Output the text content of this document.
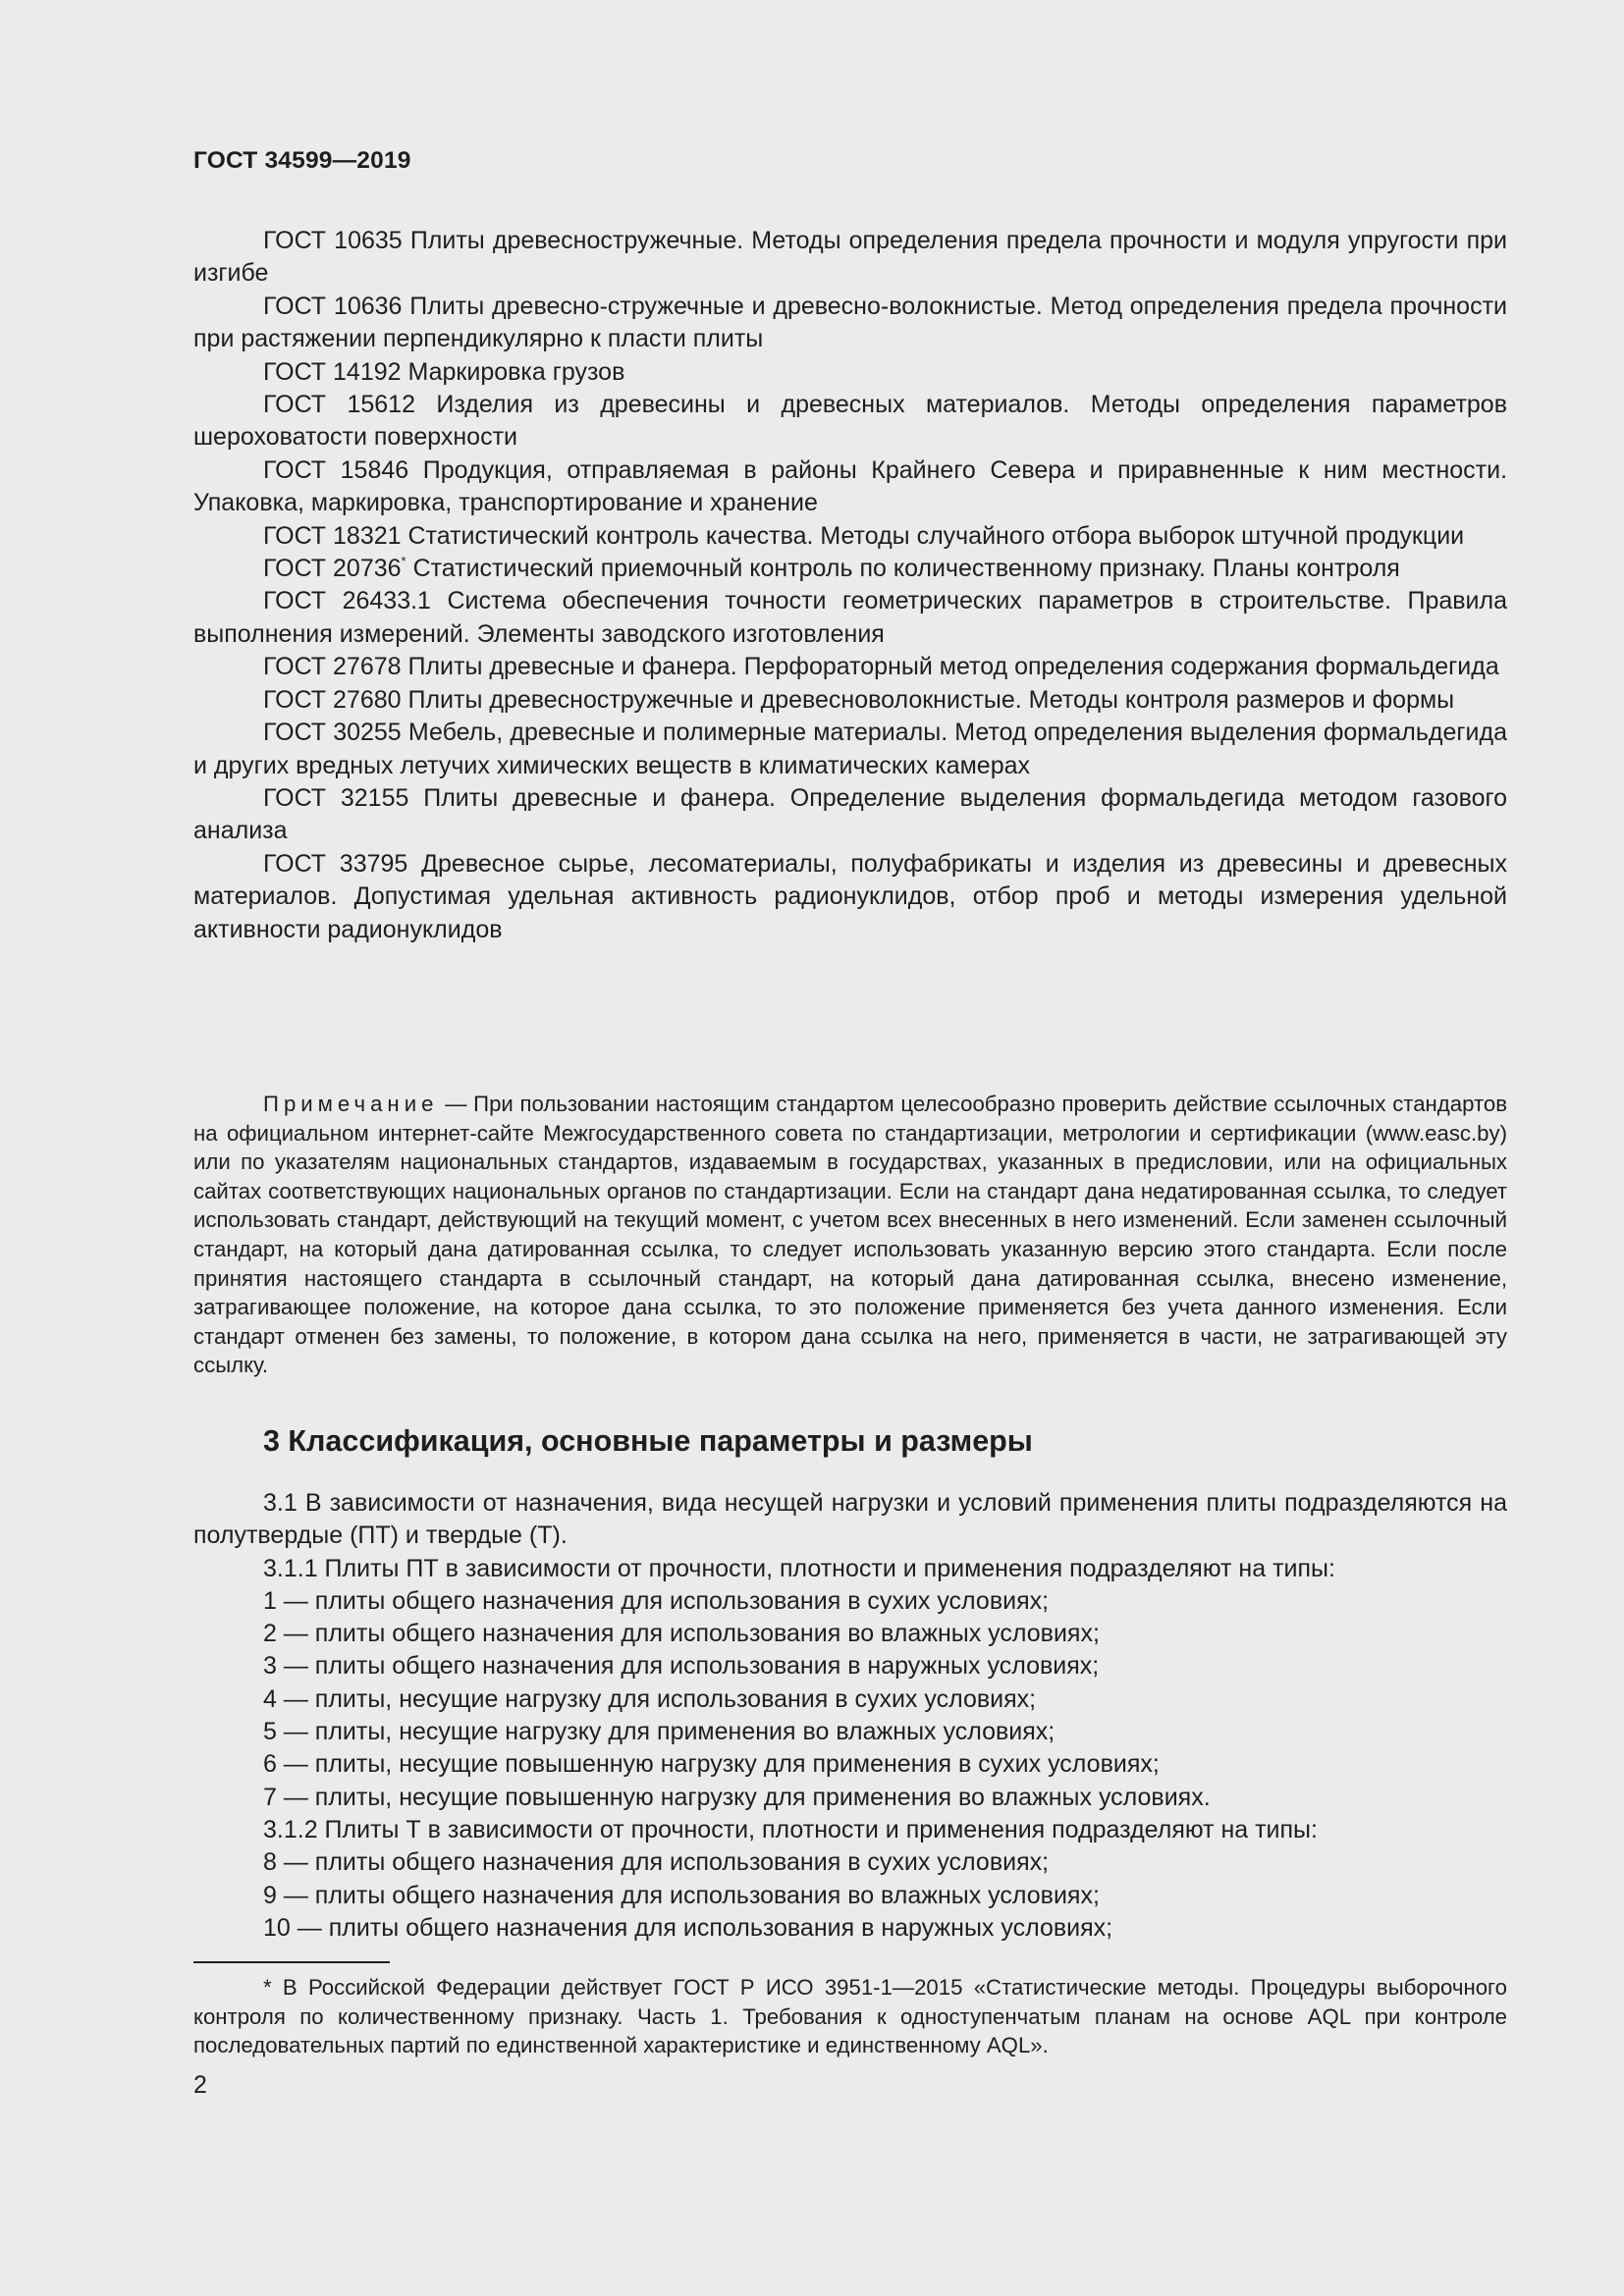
ГОСТ 34599—2019

ГОСТ 10635 Плиты древесностружечные. Методы определения предела прочности и модуля упругости при изгибе

ГОСТ 10636 Плиты древесно-стружечные и древесно-волокнистые. Метод определения предела прочности при растяжении перпендикулярно к пласти плиты

ГОСТ 14192 Маркировка грузов

ГОСТ 15612 Изделия из древесины и древесных материалов. Методы определения параметров шероховатости поверхности

ГОСТ 15846 Продукция, отправляемая в районы Крайнего Севера и приравненные к ним местности. Упаковка, маркировка, транспортирование и хранение

ГОСТ 18321 Статистический контроль качества. Методы случайного отбора выборок штучной продукции

ГОСТ 20736* Статистический приемочный контроль по количественному признаку. Планы контроля

ГОСТ 26433.1 Система обеспечения точности геометрических параметров в строительстве. Правила выполнения измерений. Элементы заводского изготовления

ГОСТ 27678 Плиты древесные и фанера. Перфораторный метод определения содержания формальдегида

ГОСТ 27680 Плиты древесностружечные и древесноволокнистые. Методы контроля размеров и формы

ГОСТ 30255 Мебель, древесные и полимерные материалы. Метод определения выделения формальдегида и других вредных летучих химических веществ в климатических камерах

ГОСТ 32155 Плиты древесные и фанера. Определение выделения формальдегида методом газового анализа

ГОСТ 33795 Древесное сырье, лесоматериалы, полуфабрикаты и изделия из древесины и древесных материалов. Допустимая удельная активность радионуклидов, отбор проб и методы измерения удельной активности радионуклидов

Примечание — При пользовании настоящим стандартом целесообразно проверить действие ссылочных стандартов на официальном интернет-сайте Межгосударственного совета по стандартизации, метрологии и сертификации (www.easc.by) или по указателям национальных стандартов, издаваемым в государствах, указанных в предисловии, или на официальных сайтах соответствующих национальных органов по стандартизации. Если на стандарт дана недатированная ссылка, то следует использовать стандарт, действующий на текущий момент, с учетом всех внесенных в него изменений. Если заменен ссылочный стандарт, на который дана датированная ссылка, то следует использовать указанную версию этого стандарта. Если после принятия настоящего стандарта в ссылочный стандарт, на который дана датированная ссылка, внесено изменение, затрагивающее положение, на которое дана ссылка, то это положение применяется без учета данного изменения. Если стандарт отменен без замены, то положение, в котором дана ссылка на него, применяется в части, не затрагивающей эту ссылку.

3 Классификация, основные параметры и размеры

3.1 В зависимости от назначения, вида несущей нагрузки и условий применения плиты подразделяются на полутвердые (ПТ) и твердые (Т).

3.1.1 Плиты ПТ в зависимости от прочности, плотности и применения подразделяют на типы:

1 — плиты общего назначения для использования в сухих условиях;

2 — плиты общего назначения для использования во влажных условиях;

3 — плиты общего назначения для использования в наружных условиях;

4 — плиты, несущие нагрузку для использования в сухих условиях;

5 — плиты, несущие нагрузку для применения во влажных условиях;

6 — плиты, несущие повышенную нагрузку для применения в сухих условиях;

7 — плиты, несущие повышенную нагрузку для применения во влажных условиях.

3.1.2 Плиты Т в зависимости от прочности, плотности и применения подразделяют на типы:

8 — плиты общего назначения для использования в сухих условиях;

9 — плиты общего назначения для использования во влажных условиях;

10 — плиты общего назначения для использования в наружных условиях;

* В Российской Федерации действует ГОСТ Р ИСО 3951-1—2015 «Статистические методы. Процедуры выборочного контроля по количественному признаку. Часть 1. Требования к одноступенчатым планам на основе AQL при контроле последовательных партий по единственной характеристике и единственному AQL».

2
